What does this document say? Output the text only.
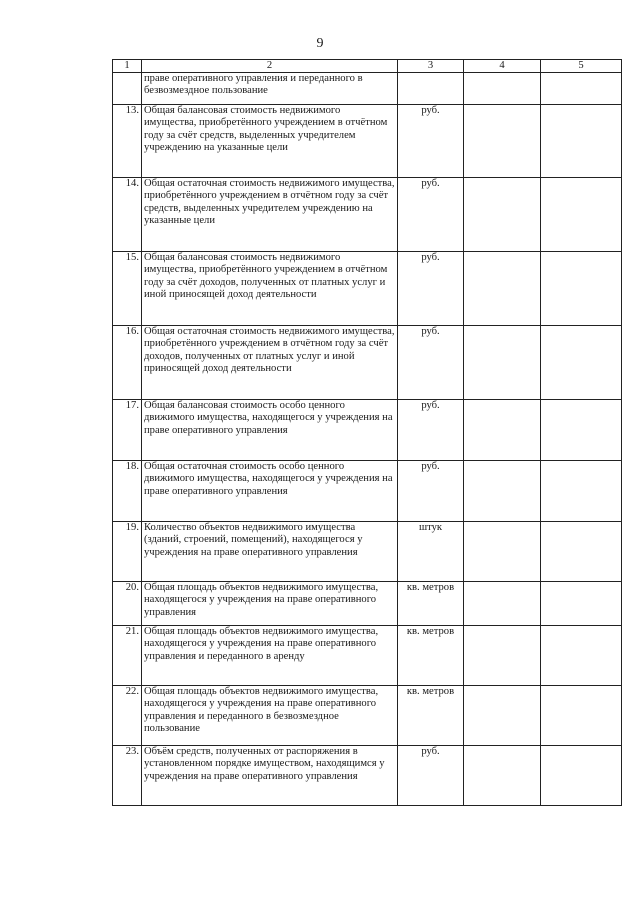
9
1	2	3	4	5
	праве оперативного управления и переданного в безвозмездное пользование			
13.	Общая балансовая стоимость недвижимого имущества, приобретённого учреждением в отчётном году за счёт средств, выделенных учредителем учреждению на указанные цели	руб.		
14.	Общая остаточная стоимость недвижимого имущества, приобретённого учреждением в отчётном году за счёт средств, выделенных учредителем учреждению на указанные цели	руб.		
15.	Общая балансовая стоимость недвижимого имущества, приобретённого учреждением в отчётном году за счёт доходов, полученных от платных услуг и иной приносящей доход деятельности	руб.		
16.	Общая остаточная стоимость недвижимого имущества, приобретённого учреждением в отчётном году за счёт доходов, полученных от платных услуг и иной приносящей доход деятельности	руб.		
17.	Общая балансовая стоимость особо ценного движимого имущества, находящегося у учреждения на праве оперативного управления	руб.		
18.	Общая остаточная стоимость особо ценного движимого имущества, находящегося у учреждения на праве оперативного управления	руб.		
19.	Количество объектов недвижимого имущества (зданий, строений, помещений), находящегося у учреждения на праве оперативного управления	штук		
20.	Общая площадь объектов недвижимого имущества, находящегося у учреждения на праве оперативного управления	кв. метров		
21.	Общая площадь объектов недвижимого имущества, находящегося у учреждения на праве оперативного управления и переданного в аренду	кв. метров		
22.	Общая площадь объектов недвижимого имущества, находящегося у учреждения на праве оперативного управления и переданного в безвозмездное пользование	кв. метров		
23.	Объём средств, полученных от распоряжения в установленном порядке имуществом, находящимся у учреждения на праве оперативного управления	руб.		
